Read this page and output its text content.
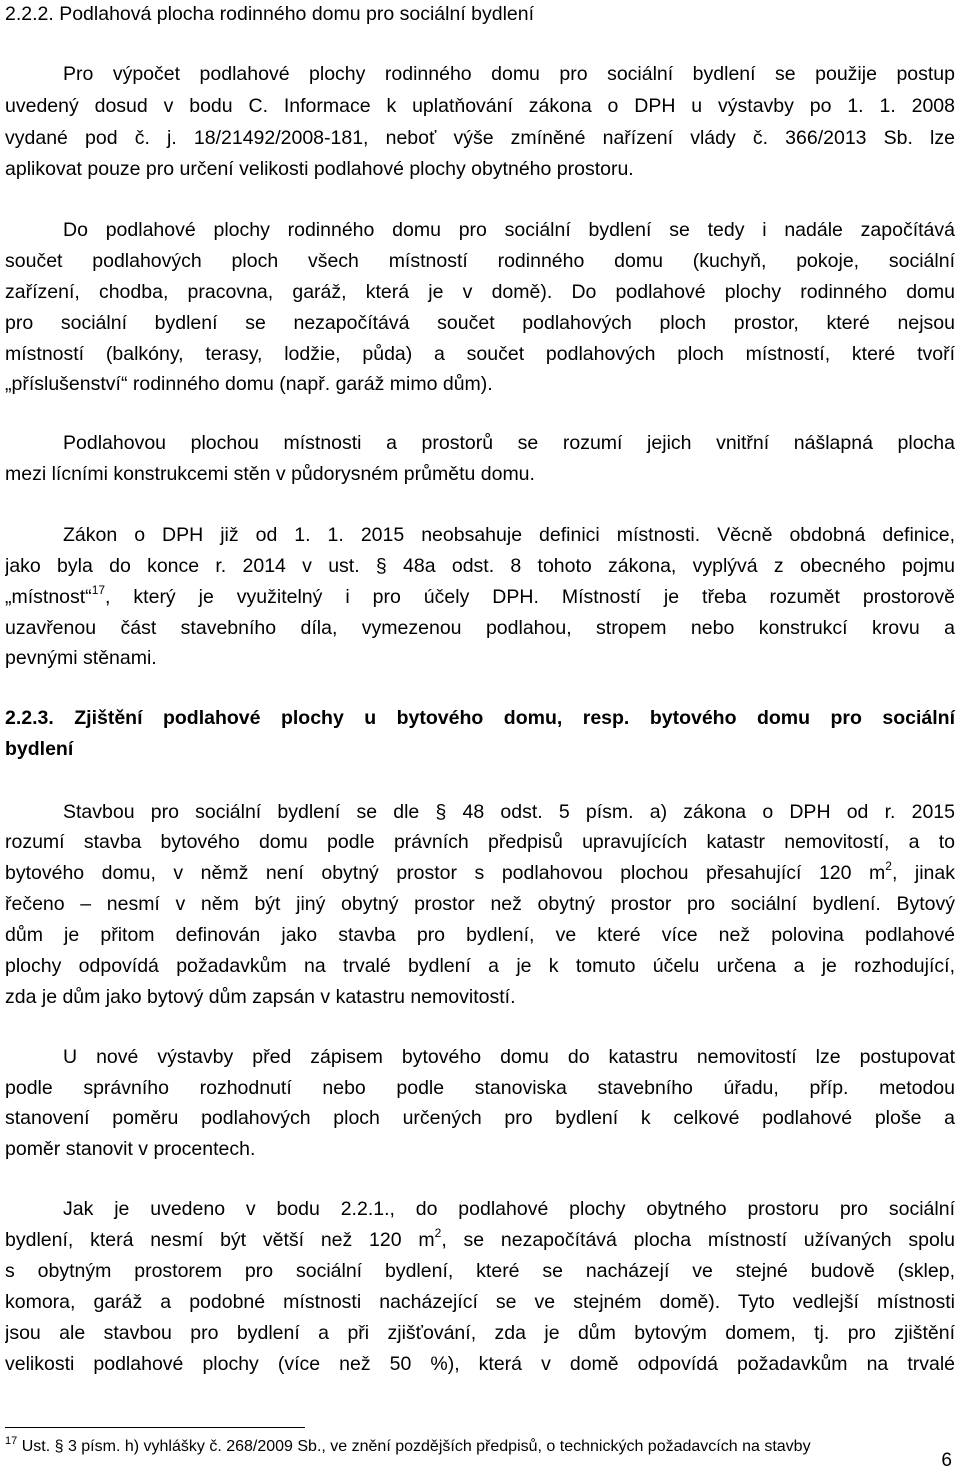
2.2.2. Podlahová plocha rodinného domu pro sociální bydlení
Pro výpočet podlahové plochy rodinného domu pro sociální bydlení se použije postup
uvedený dosud v bodu C. Informace k uplatňování zákona o DPH u výstavby po 1. 1. 2008
vydané pod č. j. 18/21492/2008-181, neboť výše zmíněné nařízení vlády č. 366/2013 Sb. lze
aplikovat pouze pro určení velikosti podlahové plochy obytného prostoru.
Do podlahové plochy rodinného domu pro sociální bydlení se tedy i nadále započítává
součet podlahových ploch všech místností rodinného domu (kuchyň, pokoje, sociální
zařízení, chodba, pracovna, garáž, která je v domě). Do podlahové plochy rodinného domu
pro sociální bydlení se nezapočítává součet podlahových ploch prostor, které nejsou
místností (balkóny, terasy, lodžie, půda) a součet podlahových ploch místností, které tvoří
„příslušenství“ rodinného domu (např. garáž mimo dům).
Podlahovou plochou místnosti a prostorů se rozumí jejich vnitřní nášlapná plocha
mezi lícními konstrukcemi stěn v půdorysném průmětu domu.
Zákon o DPH již od 1. 1. 2015 neobsahuje definici místnosti. Věcně obdobná definice,
jako byla do konce r. 2014 v ust. § 48a odst. 8 tohoto zákona, vyplývá z obecného pojmu
„místnost“$^{17}$, který je využitelný i pro účely DPH. Místností je třeba rozumět prostorově
uzavřenou část stavebního díla, vymezenou podlahou, stropem nebo konstrukcí krovu a
pevnými stěnami.
2.2.3. Zjištění podlahové plochy u bytového domu, resp. bytového domu pro sociální
bydlení
Stavbou pro sociální bydlení se dle § 48 odst. 5 písm. a) zákona o DPH od r. 2015
rozumí stavba bytového domu podle právních předpisů upravujících katastr nemovitostí, a to
bytového domu, v němž není obytný prostor s podlahovou plochou přesahující 120 $m^2$, jinak
řečeno – nesmí v něm být jiný obytný prostor než obytný prostor pro sociální bydlení. Bytový
dům je přitom definován jako stavba pro bydlení, ve které více než polovina podlahové
plochy odpovídá požadavkům na trvalé bydlení a je k tomuto účelu určena a je rozhodující,
zda je dům jako bytový dům zapsán v katastru nemovitostí.
U nové výstavby před zápisem bytového domu do katastru nemovitostí lze postupovat
podle správního rozhodnutí nebo podle stanoviska stavebního úřadu, příp. metodou
stanovení poměru podlahových ploch určených pro bydlení k celkové podlahové ploše a
poměr stanovit v procentech.
Jak je uvedeno v bodu 2.2.1., do podlahové plochy obytného prostoru pro sociální
bydlení, která nesmí být větší než 120 $m^2$, se nezapočítává plocha místností užívaných spolu
s obytným prostorem pro sociální bydlení, které se nacházejí ve stejné budově (sklep,
komora, garáž a podobné místnosti nacházející se ve stejném domě). Tyto vedlejší místnosti
jsou ale stavbou pro bydlení a při zjišťování, zda je dům bytovým domem, tj. pro zjištění
velikosti podlahové plochy (více než 50 %), která v domě odpovídá požadavkům na trvalé
$^{17}$ Ust. § 3 písm. h) vyhlášky č. 268/2009 Sb., ve znění pozdějších předpisů, o technických požadavcích na stavby
6
